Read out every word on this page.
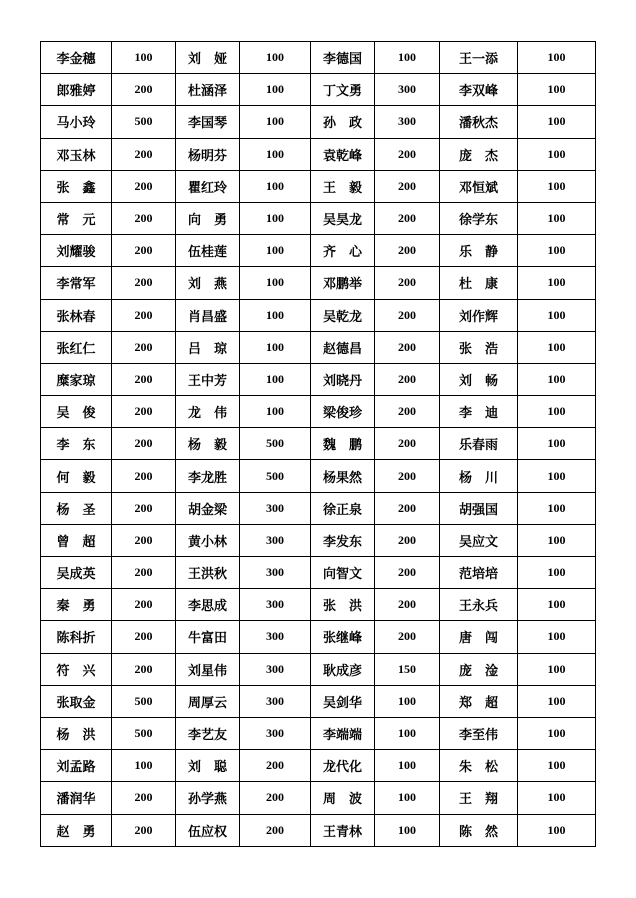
李金穗	100	刘　娅	100	李德国	100	王一添	100
郎雅婷	200	杜涵泽	100	丁文勇	300	李双峰	100
马小玲	500	李国琴	100	孙　政	300	潘秋杰	100
邓玉林	200	杨明芬	100	袁乾峰	200	庞　杰	100
张　鑫	200	瞿红玲	100	王　毅	200	邓恒斌	100
常　元	200	向　勇	100	吴昊龙	200	徐学东	100
刘耀骏	200	伍桂莲	100	齐　心	200	乐　静	100
李常军	200	刘　燕	100	邓鹏举	200	杜　康	100
张林春	200	肖昌盛	100	吴乾龙	200	刘作辉	100
张红仁	200	吕　琼	100	赵德昌	200	张　浩	100
糜家琼	200	王中芳	100	刘晓丹	200	刘　畅	100
吴　俊	200	龙　伟	100	梁俊珍	200	李　迪	100
李　东	200	杨　毅	500	魏　鹏	200	乐春雨	100
何　毅	200	李龙胜	500	杨果然	200	杨　川	100
杨　圣	200	胡金梁	300	徐正泉	200	胡强国	100
曾　超	200	黄小林	300	李发东	200	吴应文	100
吴成英	200	王洪秋	300	向智文	200	范培培	100
秦　勇	200	李思成	300	张　洪	200	王永兵	100
陈科折	200	牛富田	300	张继峰	200	唐　闯	100
符　兴	200	刘星伟	300	耿成彦	150	庞　淦	100
张取金	500	周厚云	300	吴剑华	100	郑　超	100
杨　洪	500	李艺友	300	李端端	100	李至伟	100
刘孟路	100	刘　聪	200	龙代化	100	朱　松	100
潘润华	200	孙学燕	200	周　波	100	王　翔	100
赵　勇	200	伍应权	200	王青林	100	陈　然	100
